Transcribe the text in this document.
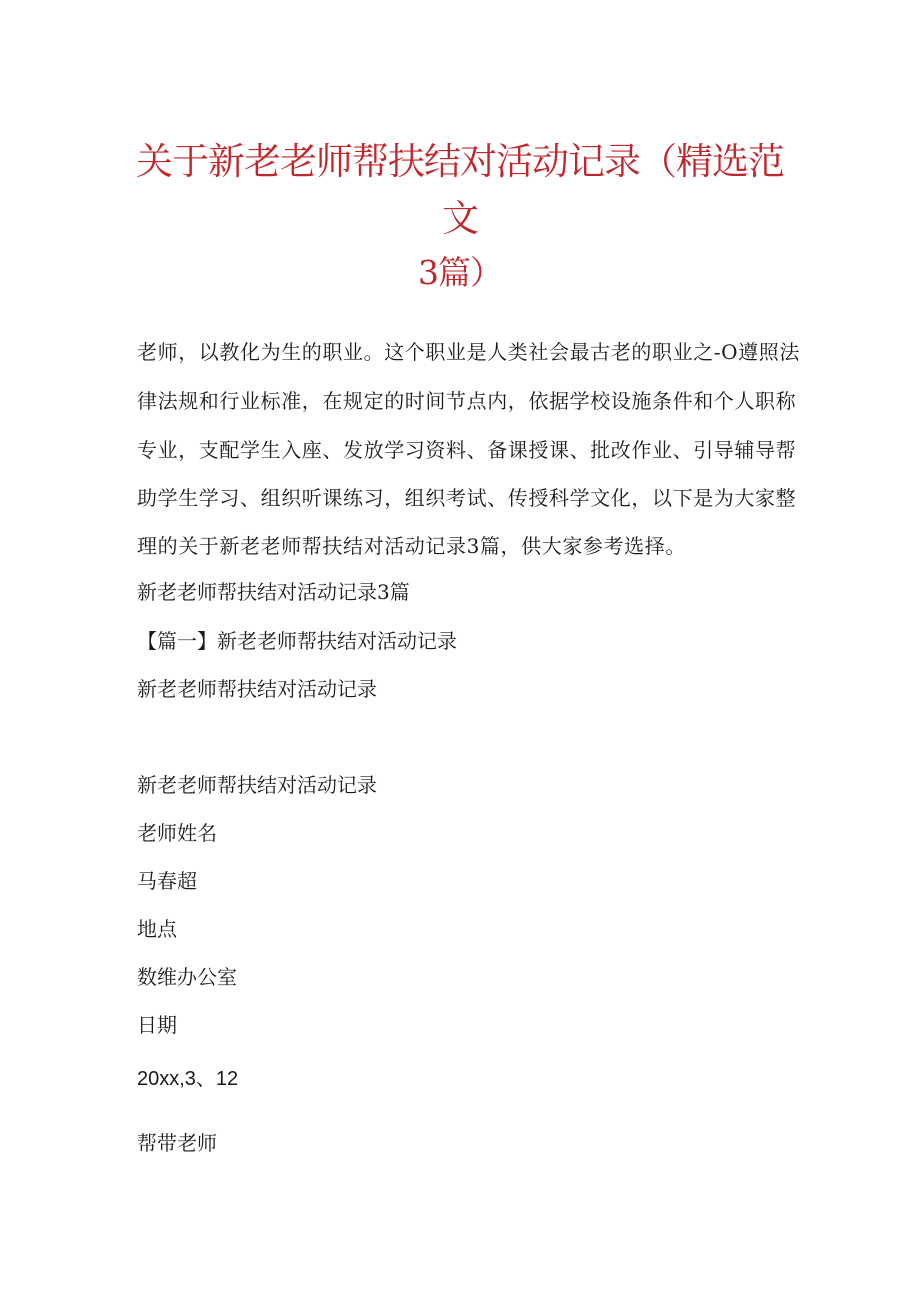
关于新老老师帮扶结对活动记录（精选范
文
3篇）
老师，以教化为生的职业。这个职业是人类社会最古老的职业之-O遵照法
律法规和行业标准，在规定的时间节点内，依据学校设施条件和个人职称
专业，支配学生入座、发放学习资料、备课授课、批改作业、引导辅导帮
助学生学习、组织听课练习，组织考试、传授科学文化，以下是为大家整
理的关于新老老师帮扶结对活动记录3篇，供大家参考选择。
新老老师帮扶结对活动记录3篇
【篇一】新老老师帮扶结对活动记录
新老老师帮扶结对活动记录
新老老师帮扶结对活动记录
老师姓名
马春超
地点
数维办公室
日期
20xx,3、12
帮带老师
